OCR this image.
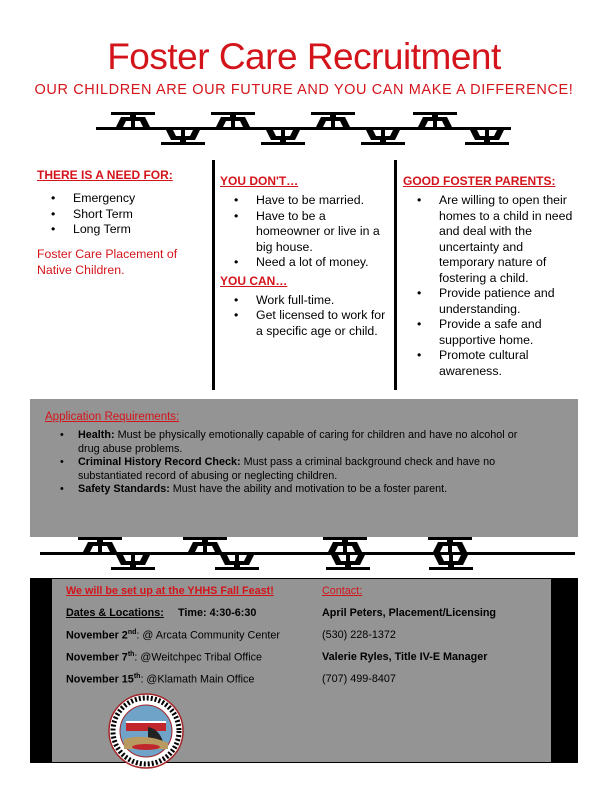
Foster Care Recruitment
OUR CHILDREN ARE OUR FUTURE AND YOU CAN MAKE A DIFFERENCE!
THERE IS A NEED FOR:
• Emergency
• Short Term
• Long Term
Foster Care Placement of Native Children.
YOU DON'T…
• Have to be married.
• Have to be a homeowner or live in a big house.
• Need a lot of money.
YOU CAN…
• Work full-time.
• Get licensed to work for a specific age or child.
GOOD FOSTER PARENTS:
• Are willing to open their homes to a child in need and deal with the uncertainty and temporary nature of fostering a child.
• Provide patience and understanding.
• Provide a safe and supportive home.
• Promote cultural awareness.
Application Requirements:
• Health: Must be physically emotionally capable of caring for children and have no alcohol or drug abuse problems.
• Criminal History Record Check: Must pass a criminal background check and have no substantiated record of abusing or neglecting children.
• Safety Standards: Must have the ability and motivation to be a foster parent.
We will be set up at the YHHS Fall Feast!
Dates & Locations: Time: 4:30-6:30
November 2nd: @ Arcata Community Center
November 7th: @Weitchpec Tribal Office
November 15th: @Klamath Main Office
Contact:
April Peters, Placement/Licensing
(530) 228-1372
Valerie Ryles, Title IV-E Manager
(707) 499-8407
